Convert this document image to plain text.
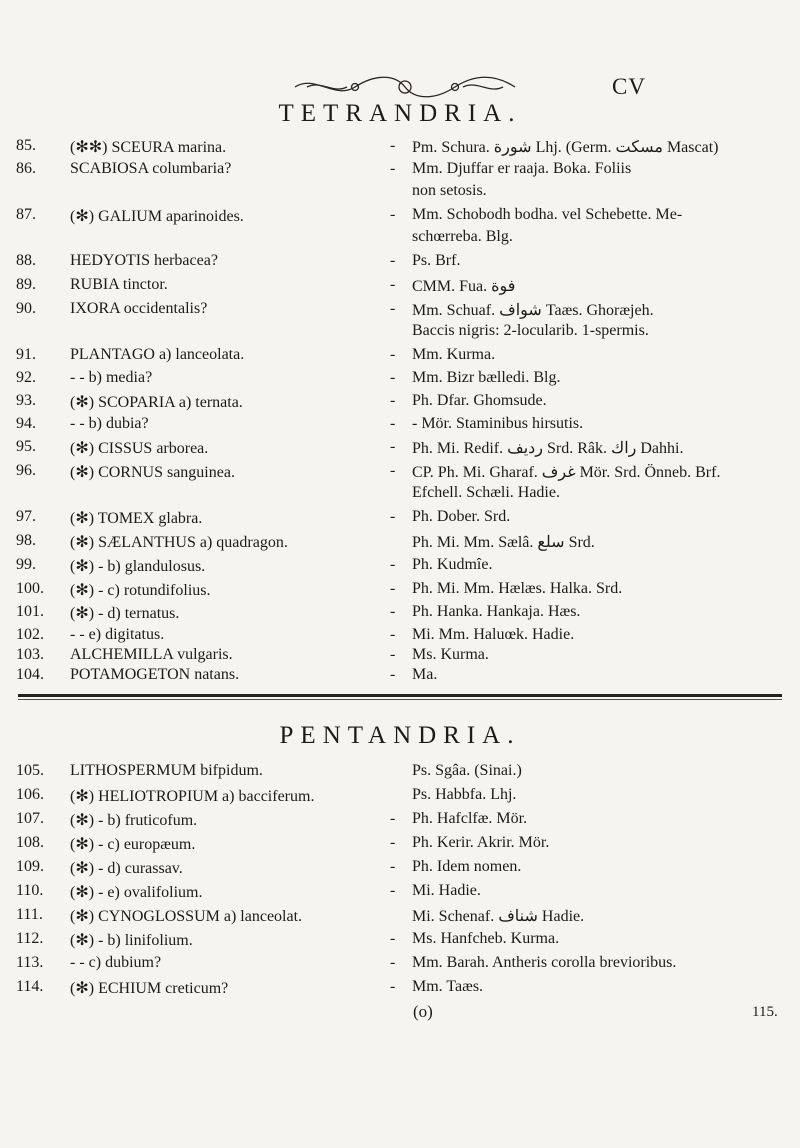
CV
TETRANDRIA.
85.	(✻✻) SCEURA marina.	- Pm. Schura. شورة Lhj. (Germ. مسكت Mascat)
86.	SCABIOSA columbaria?	- Mm. Djuffar er raaja. Boka. Foliis
non setosis.
87.	(✻) GALIUM aparinoides.	- Mm. Schobodh bodha. vel Schebette. Me-
schœrreba. Blg.
88.	HEDYOTIS herbacea?	- Ps. Brf.
89.	RUBIA tinctor.	- CMM. Fua. فوة
90.	IXORA occidentalis?	- Mm. Schuaf. شواف Taæs. Ghoræjeh.
Baccis nigris: 2-locularib. 1-spermis.
91.	PLANTAGO a) lanceolata.	- Mm. Kurma.
92.	- - b) media?	- Mm. Bizr bælledi. Blg.
93.	(✻) SCOPARIA a) ternata.	- Ph. Dfar. Ghomsude.
94.	- - b) dubia?	- - Mör. Staminibus hirsutis.
95.	(✻) CISSUS arborea.	- Ph. Mi. Redif. رديف Srd. Râk. راك Dahhi.
96.	(✻) CORNUS sanguinea.	- CP. Ph. Mi. Gharaf. غرف Mör. Srd. Önneb. Brf.
Efchell. Schæli. Hadie.
97.	(✻) TOMEX glabra.	- Ph. Dober. Srd.
98.	(✻) SÆLANTHUS a) quadragon.	Ph. Mi. Mm. Sælâ. سلع Srd.
99.	(✻) - b) glandulosus.	- Ph. Kudmîe.
100.	(✻) - c) rotundifolius.	- Ph. Mi. Mm. Hælæs. Halka. Srd.
101.	(✻) - d) ternatus.	- Ph. Hanka. Hankaja. Hæs.
102.	- - e) digitatus.	- Mi. Mm. Haluœk. Hadie.
103.	ALCHEMILLA vulgaris.	- Ms. Kurma.
104.	POTAMOGETON natans.	- Ma.
PENTANDRIA.
105.	LITHOSPERMUM bifpidum.	Ps. Sgâa. (Sinai.)
106.	(✻) HELIOTROPIUM a) bacciferum.	Ps. Habbfa. Lhj.
107.	(✻) - b) fruticofum.	- Ph. Hafclfæ. Mör.
108.	(✻) - c) europæum.	- Ph. Kerir. Akrir. Mör.
109.	(✻) - d) curassav.	- Ph. Idem nomen.
110.	(✻) - e) ovalifolium.	- Mi. Hadie.
111.	(✻) CYNOGLOSSUM a) lanceolat.	Mi. Schenaf. شناف Hadie.
112.	(✻) - b) linifolium.	- Ms. Hanfcheb. Kurma.
113.	- - c) dubium?	- Mm. Barah. Antheris corolla brevioribus.
114.	(✻) ECHIUM creticum?	- Mm. Taæs.
(o)	115.
